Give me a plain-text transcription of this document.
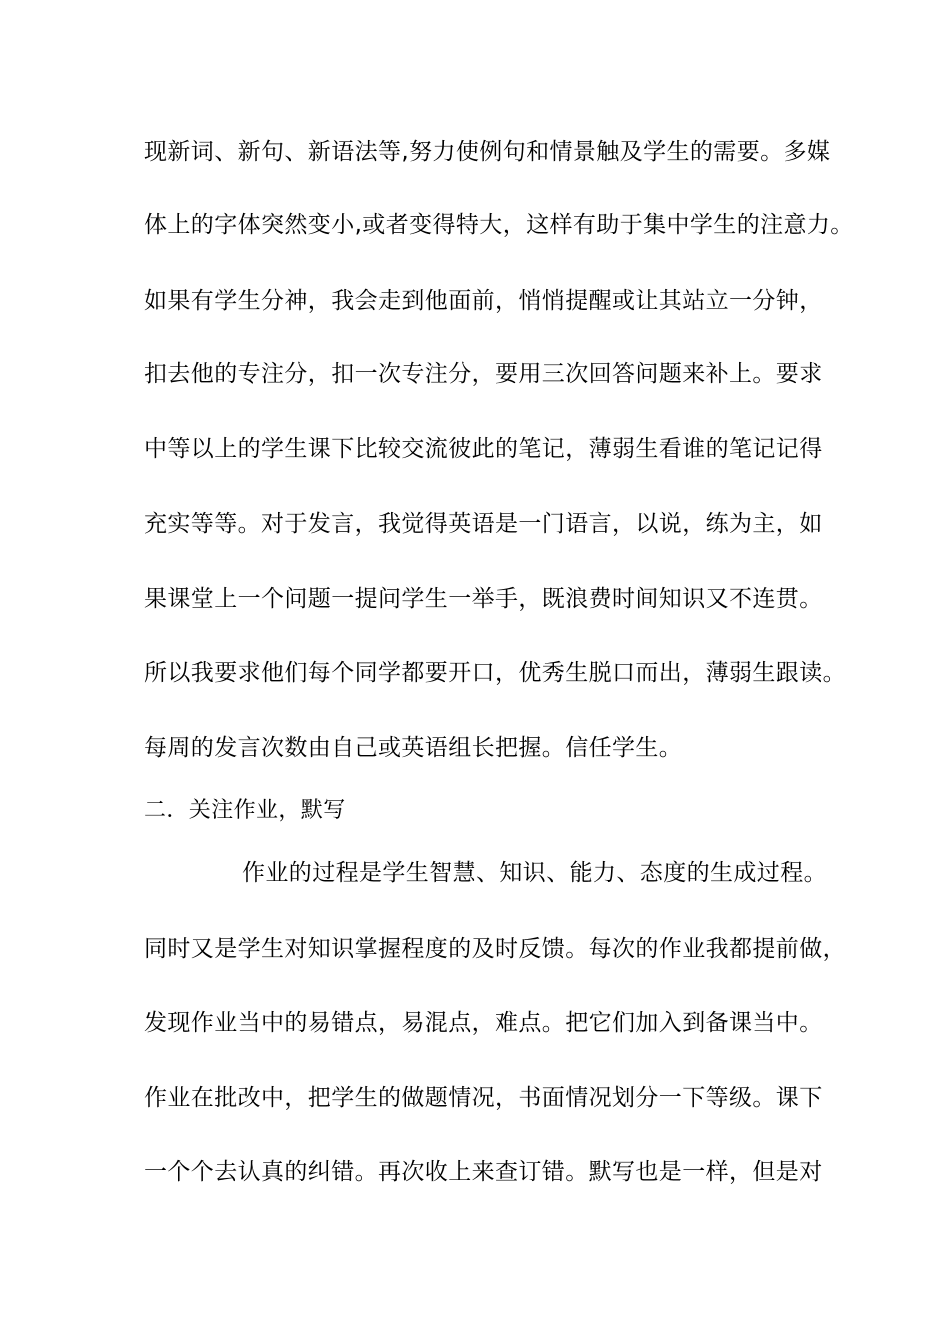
现新词、新句、新语法等,努力使例句和情景触及学生的需要。多媒
体上的字体突然变小,或者变得特大，这样有助于集中学生的注意力。
如果有学生分神，我会走到他面前，悄悄提醒或让其站立一分钟，
扣去他的专注分，扣一次专注分，要用三次回答问题来补上。要求
中等以上的学生课下比较交流彼此的笔记，薄弱生看谁的笔记记得
充实等等。对于发言，我觉得英语是一门语言，以说，练为主，如
果课堂上一个问题一提问学生一举手，既浪费时间知识又不连贯。
所以我要求他们每个同学都要开口，优秀生脱口而出，薄弱生跟读。
每周的发言次数由自己或英语组长把握。信任学生。
二．关注作业，默写
作业的过程是学生智慧、知识、能力、态度的生成过程。
同时又是学生对知识掌握程度的及时反馈。每次的作业我都提前做，
发现作业当中的易错点，易混点，难点。把它们加入到备课当中。
作业在批改中，把学生的做题情况，书面情况划分一下等级。课下
一个个去认真的纠错。再次收上来查订错。默写也是一样，但是对
